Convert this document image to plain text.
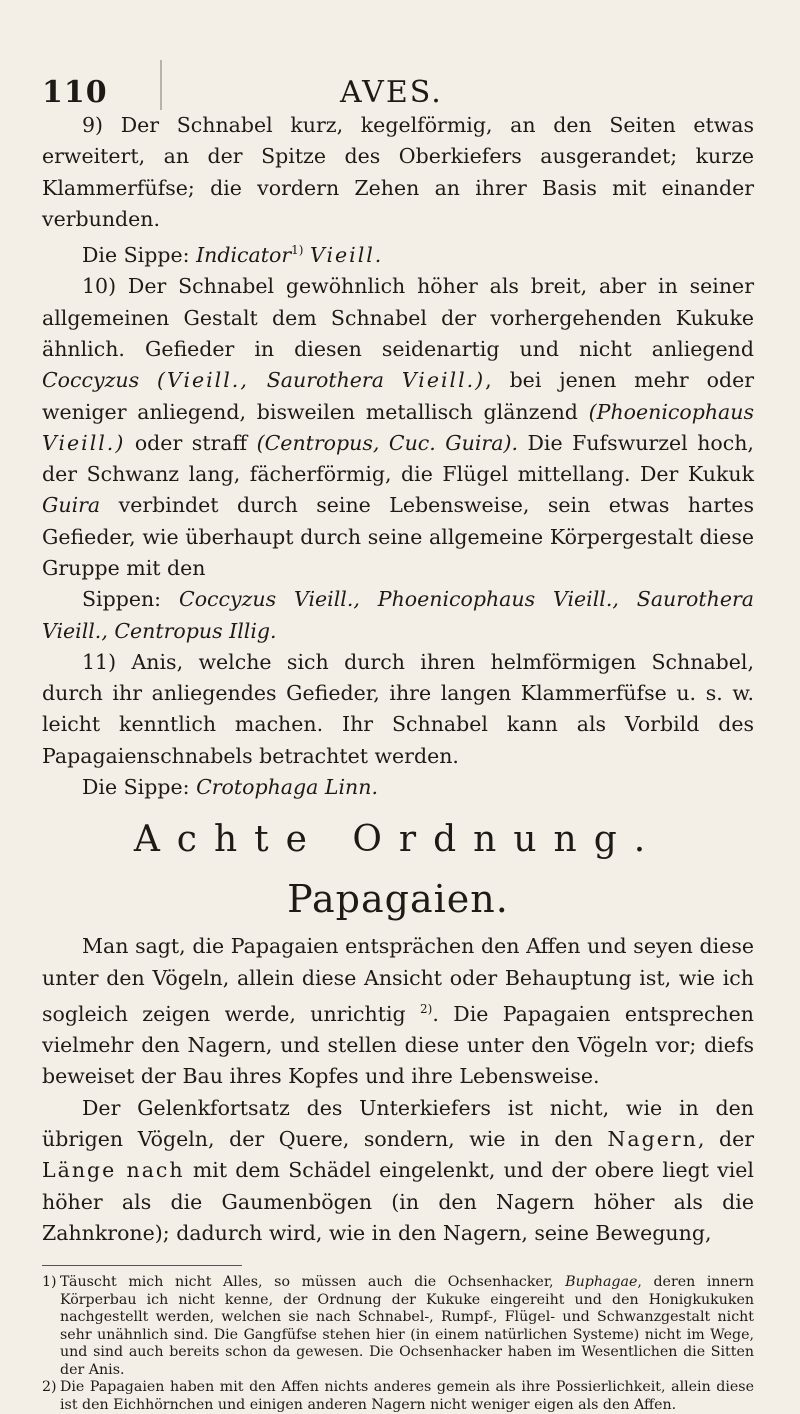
110	AVES.

9) Der Schnabel kurz, kegelförmig, an den Seiten etwas erweitert, an der Spitze des Oberkiefers ausgerandet; kurze Klammerfüfse; die vordern Zehen an ihrer Basis mit einander verbunden.

Die Sippe: Indicator$^{1)}$ Vieill.

10) Der Schnabel gewöhnlich höher als breit, aber in seiner allgemeinen Gestalt dem Schnabel der vorhergehenden Kukuke ähnlich. Gefieder in diesen seidenartig und nicht anliegend Coccyzus (Vieill., Saurothera Vieill.), bei jenen mehr oder weniger anliegend, bisweilen metallisch glänzend (Phoenicophaus Vieill.) oder straff (Centropus, Cuc. Guira). Die Fufswurzel hoch, der Schwanz lang, fächerförmig, die Flügel mittellang. Der Kukuk Guira verbindet durch seine Lebensweise, sein etwas hartes Gefieder, wie überhaupt durch seine allgemeine Körpergestalt diese Gruppe mit den

Sippen: Coccyzus Vieill., Phoenicophaus Vieill., Saurothera Vieill., Centropus Illig.

11) Anis, welche sich durch ihren helmförmigen Schnabel, durch ihr anliegendes Gefieder, ihre langen Klammerfüfse u. s. w. leicht kenntlich machen. Ihr Schnabel kann als Vorbild des Papagaienschnabels betrachtet werden.

Die Sippe: Crotophaga Linn.

Achte Ordnung.
Papagaien.

Man sagt, die Papagaien entsprächen den Affen und seyen diese unter den Vögeln, allein diese Ansicht oder Behauptung ist, wie ich sogleich zeigen werde, unrichtig $^{2)}$. Die Papagaien entsprechen vielmehr den Nagern, und stellen diese unter den Vögeln vor; diefs beweiset der Bau ihres Kopfes und ihre Lebensweise.

Der Gelenkfortsatz des Unterkiefers ist nicht, wie in den übrigen Vögeln, der Quere, sondern, wie in den Nagern, der Länge nach mit dem Schädel eingelenkt, und der obere liegt viel höher als die Gaumenbögen (in den Nagern höher als die Zahnkrone); dadurch wird, wie in den Nagern, seine Bewegung,

1) Täuscht mich nicht Alles, so müssen auch die Ochsenhacker, Buphagae, deren innern Körperbau ich nicht kenne, der Ordnung der Kukuke eingereiht und den Honigkukuken nachgestellt werden, welchen sie nach Schnabel-, Rumpf-, Flügel- und Schwanzgestalt nicht sehr unähnlich sind. Die Gangfüfse stehen hier (in einem natürlichen Systeme) nicht im Wege, und sind auch bereits schon da gewesen. Die Ochsenhacker haben im Wesentlichen die Sitten der Anis.

2) Die Papagaien haben mit den Affen nichts anderes gemein als ihre Possierlichkeit, allein diese ist den Eichhörnchen und einigen anderen Nagern nicht weniger eigen als den Affen.
